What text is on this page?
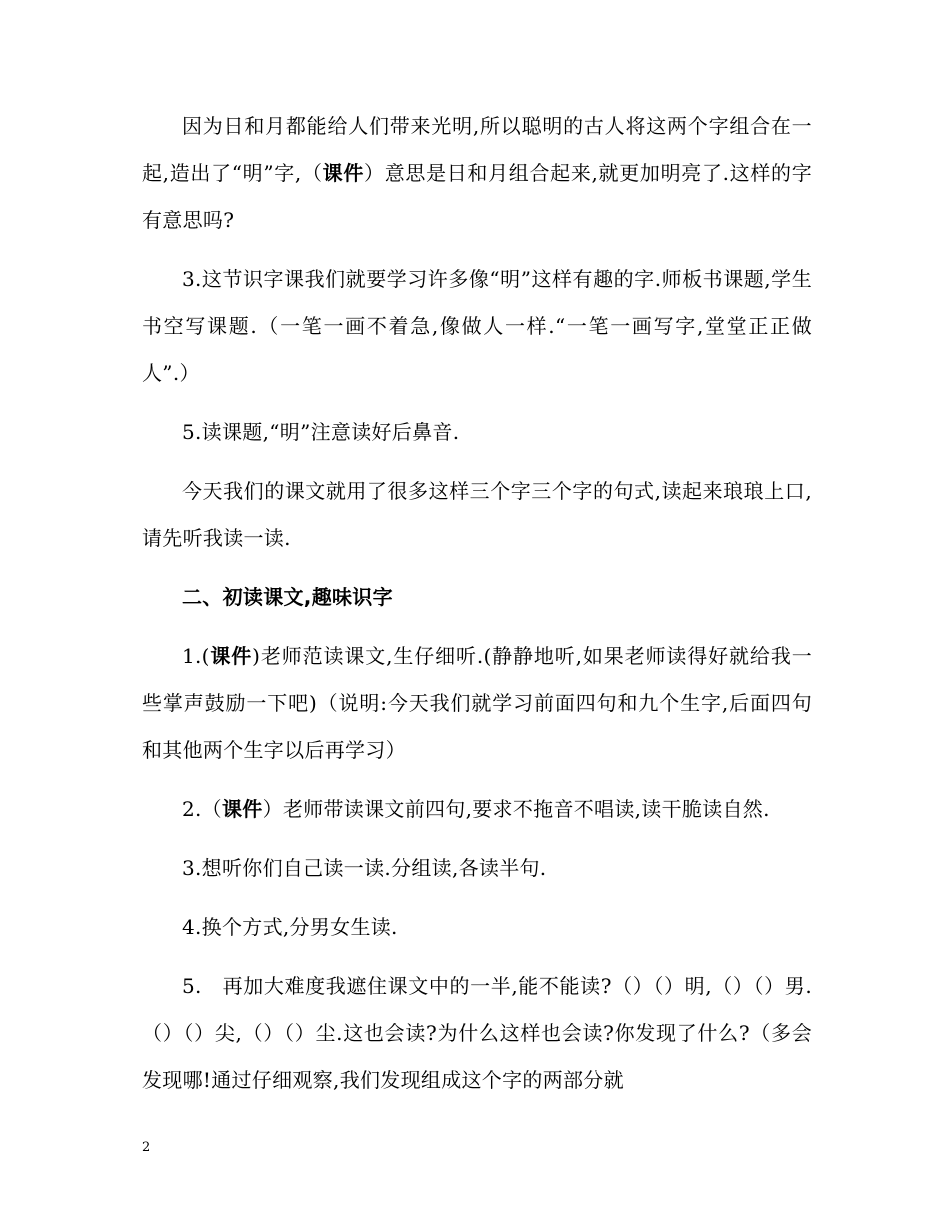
因为日和月都能给人们带来光明,所以聪明的古人将这两个字组合在一起,造出了“明”字,（课件）意思是日和月组合起来,就更加明亮了.这样的字有意思吗?

3.这节识字课我们就要学习许多像“明”这样有趣的字.师板书课题,学生书空写课题.（一笔一画不着急,像做人一样.“一笔一画写字,堂堂正正做人”.）

5.读课题,“明”注意读好后鼻音.

今天我们的课文就用了很多这样三个字三个字的句式,读起来琅琅上口,请先听我读一读.

二、初读课文,趣味识字

1.(课件)老师范读课文,生仔细听.(静静地听,如果老师读得好就给我一些掌声鼓励一下吧)（说明:今天我们就学习前面四句和九个生字,后面四句和其他两个生字以后再学习）

2.（课件）老师带读课文前四句,要求不拖音不唱读,读干脆读自然.

3.想听你们自己读一读.分组读,各读半句.

4.换个方式,分男女生读.

5.　再加大难度我遮住课文中的一半,能不能读?（）（）明,（）（）男.（）（）尖,（）（）尘.这也会读?为什么这样也会读?你发现了什么?（多会发现哪!通过仔细观察,我们发现组成这个字的两部分就

2
